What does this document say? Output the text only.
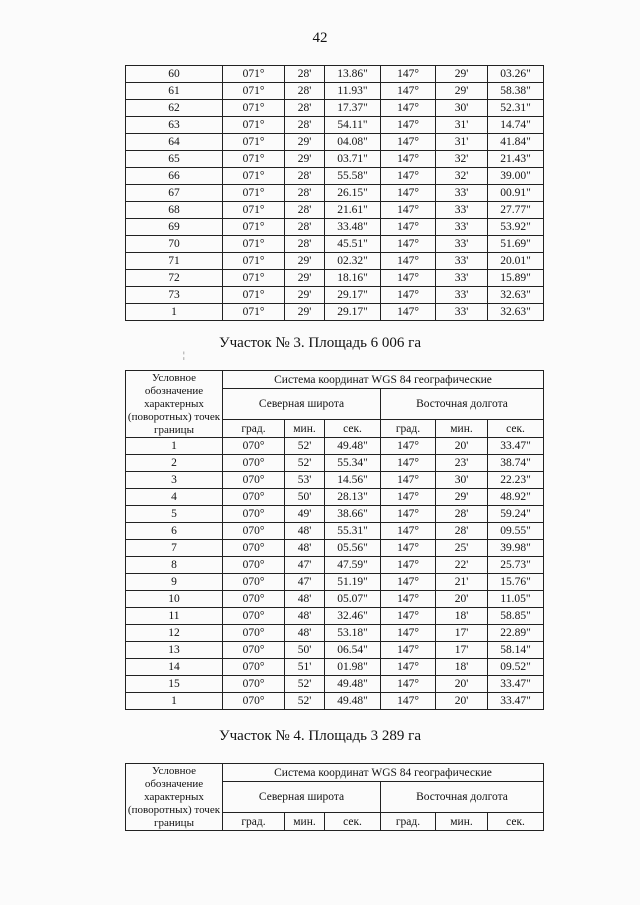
42
60	071°	28'	13.86"	147°	29'	03.26"
61	071°	28'	11.93"	147°	29'	58.38"
62	071°	28'	17.37"	147°	30'	52.31"
63	071°	28'	54.11"	147°	31'	14.74"
64	071°	29'	04.08"	147°	31'	41.84"
65	071°	29'	03.71"	147°	32'	21.43"
66	071°	28'	55.58"	147°	32'	39.00"
67	071°	28'	26.15"	147°	33'	00.91"
68	071°	28'	21.61"	147°	33'	27.77"
69	071°	28'	33.48"	147°	33'	53.92"
70	071°	28'	45.51"	147°	33'	51.69"
71	071°	29'	02.32"	147°	33'	20.01"
72	071°	29'	18.16"	147°	33'	15.89"
73	071°	29'	29.17"	147°	33'	32.63"
1	071°	29'	29.17"	147°	33'	32.63"
Участок № 3. Площадь 6 006 га
¦
Условное обозначение характерных (поворотных) точек границы	Система координат WGS 84 географические					
	Северная широта			Восточная долгота		
	град.	мин.	сек.	град.	мин.	сек.
1	070°	52'	49.48"	147°	20'	33.47"
2	070°	52'	55.34"	147°	23'	38.74"
3	070°	53'	14.56"	147°	30'	22.23"
4	070°	50'	28.13"	147°	29'	48.92"
5	070°	49'	38.66"	147°	28'	59.24"
6	070°	48'	55.31"	147°	28'	09.55"
7	070°	48'	05.56"	147°	25'	39.98"
8	070°	47'	47.59"	147°	22'	25.73"
9	070°	47'	51.19"	147°	21'	15.76"
10	070°	48'	05.07"	147°	20'	11.05"
11	070°	48'	32.46"	147°	18'	58.85"
12	070°	48'	53.18"	147°	17'	22.89"
13	070°	50'	06.54"	147°	17'	58.14"
14	070°	51'	01.98"	147°	18'	09.52"
15	070°	52'	49.48"	147°	20'	33.47"
1	070°	52'	49.48"	147°	20'	33.47"
Участок № 4. Площадь 3 289 га
Условное обозначение характерных (поворотных) точек границы	Система координат WGS 84 географические					
	Северная широта			Восточная долгота		
	град.	мин.	сек.	град.	мин.	сек.
